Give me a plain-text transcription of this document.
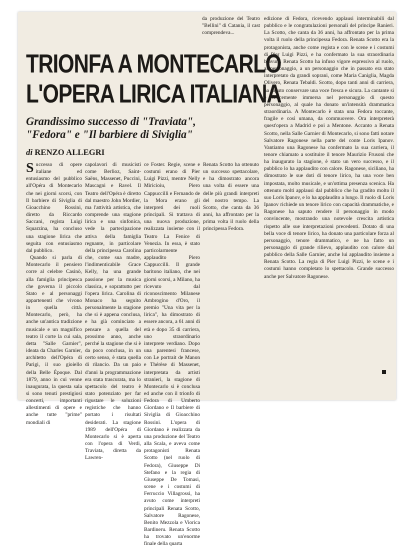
da produzione del Teatro "Bellini" di Catania, il cast comprendeva...

edizione di Fedora, ricevendo applausi interminabili dal pubblico e le congratulazioni personali del principe Ranieri. La Scotto, che canta da 36 anni, ha affrontato per la prima volta il ruolo della principessa Fedora. Renata Scotto era la protagonista, anche come regista e con le scene e i costumi di Pier Luigi Pizzi, e ha confermato la sua straordinaria bravura. Renata Scotto ha infuso vigore espressivo al ruolo, al personaggio, a un personaggio che in passato era stato interpretato da grandi soprani, come Maria Caniglia, Magda Olivero, Renata Tebaldi. Scotto, dopo tanti anni di carriera, ha saputo conservare una voce fresca e sicura. La cantante si è felicemente immersa nel personaggio di questo personaggio, al quale ha donato un'intensità drammatica straordinaria. A Montecarlo è stata una Fedora toccante, fragile e così umana, da commuovere. Ora interpreterà quest'opera a Madrid e poi a Mentone. Accanto a Renata Scotto, nella Salle Garnier di Montecarlo, si sono fatti notare Salvatore Ragonese nella parte del conte Loris Ipanov. Vantiamo una Ragonese ha confermato la sua carriera, il tenore chiamato a sostituire il tenore Maurizio Frusoni che ha inaugurato la stagione, è stato un vero successo, e il pubblico lo ha applaudito con calore. Ragonese, siciliano, ha dimostrato le sue doti di tenore lirico, ha una voce ben impostata, molto musicale, e un'ottima presenza scenica. Ha ottenuto molti applausi dal pubblico che ha gradito molto il suo Loris Ipanov, e lo ha applaudito a lungo. Il ruolo di Loris Ipanov richiede un tenore lirico con capacità drammatiche, e Ragonese ha saputo rendere il personaggio in modo convincente, mostrando una notevole crescita artistica rispetto alle sue interpretazioni precedenti. Dotato di una bella voce di tenore lirico, ha donato una particolare forza al personaggio, tenore drammatico, e ne ha fatto un personaggio di grande rilievo, applaudito con calore dal pubblico della Salle Garnier, anche lui applaudito insieme a Renata Scotto. La regia di Pier Luigi Pizzi, le scene e i costumi hanno completato lo spettacolo. Grande successo anche per Salvatore Ragonese.

TRIONFA A MONTECARLO
L'OPERA LIRICA ITALIANA
Grandissimo successo di "Traviata",
"Fedora" e "Il barbiere di Siviglia"

di RENZO ALLEGRI

Successo di opere italiane ed entusiasmo del pubblico all'Opéra di Montecarlo che nei giorni scorsi, con Il barbiere di Siviglia di Gioacchino Rossini, diretto da Riccardo Saccani, regista Luigi Squarzina, ha concluso una stagione lirica che seguita con entusiasmo dal pubblico.

Quando si parla di Montecarlo il pensiero corre al celebre Casinò, alla famiglia principesca che governa il piccolo Stato e al personaggi appartenenti che vivono in quella città. Montecarlo, però, ha anche un'antica tradizione musicale e un magnifico teatro il corte la cui sala, detta "Salle Garnier", ideata da Charles Garnier, architetto dell'Opéra di Parigi, il suo gioiello della Belle Époque. Dal 1879, anno in cui venne inaugurata, la questa sala si sono tenuti prestigiosi concerti, importanti allestimenti di opere e anche tutte "prime" mondiali di

capolavori di musicisti come Berlioz, Saint-Saëns, Massenet, Puccini, Mascagni e Ravel. Il Teatro dell'Opéra è diretto dal maestro John Mordier, ma l'attività artistica, che comprende una stagione lirica e una sinfonica, vede la partecipazione attiva della famiglia regnante, in particolare della principessa Carolina che, come sua madre, l'indimenticabile Grace Kelly, ha una grande passione per la musica classica, e soprattutto per l'opera lirica. Carolina di Monaco ha seguito personalmente la stagione che si è appena conclusa, e ha già cominciato a pensare a quella del prossimo anno, anche perché la stagione che si è da poco conclusa, in un certo senso, è stata quella di rilancio. Da un paio d'anni la programmazione era stata trascurata, ma lo spettacolo del teatro è stato potenziato per far rigustare le soluzioni registiche che hanno portato i risultati desiderati. La stagione 1989 dell'Opéra di Montecarlo si è aperta con l'opera di Verdi, Traviata, diretta da Lawren-

ce Foster. Regie, scene e costumi erano di Pier Luigi Pizzi, mentre Nelly Miricioiu, Piero Cappuccilli e Fernando de la Mora erano gli interpreti dei ruoli principali. Si trattava di una nuova produzione, realizzata insieme con il Teatro La Fenice di Venezia. In essa, è stato particolarmente applaudito Piero Cappuccilli. Il grande baritono italiano, che nei giorni scorsi, a Milano, ha ricevuto dal riconoscimento Milanese Ambrogino d'Oro, il premio "Una vita per la lirica", ha dimostrato di essere ancora, a 61 anni di età e dopo 35 di carriera, uno straordinario interprete verdiano. Dopo una parentesi francese, con Le portrait de Manon e Thérèse di Massenet, interpretata da artisti stranieri, la stagione di Montecarlo si è conclusa ed anche con il trionfo di Fedora di Umberto Giordano e Il barbiere di Siviglia di Gioacchino Rossini. L'opera di Giordano è realizzata da una produzione del Teatro alla Scala, e aveva come protagonisti Renata Scotto (nel ruolo di Fedora), Giuseppe Di Stefano e la regia di Giuseppe De Tomasi, scene e i costumi di Ferruccio Villagrossi, ha avuto come interpreti principali Renata Scotto, Salvatore Ragonese, Benito Mezzola e Viorica Bardineru. Renata Scotto ha trovato un'enorme finale della quarta

Renata Scotto ha ottenuto un successo spettacolare, e ha dimostrato ancora una volta di essere una delle più grandi interpreti del nostro tempo. La Scotto, che canta da 36 anni, ha affrontato per la prima volta il ruolo della principessa Fedora.
